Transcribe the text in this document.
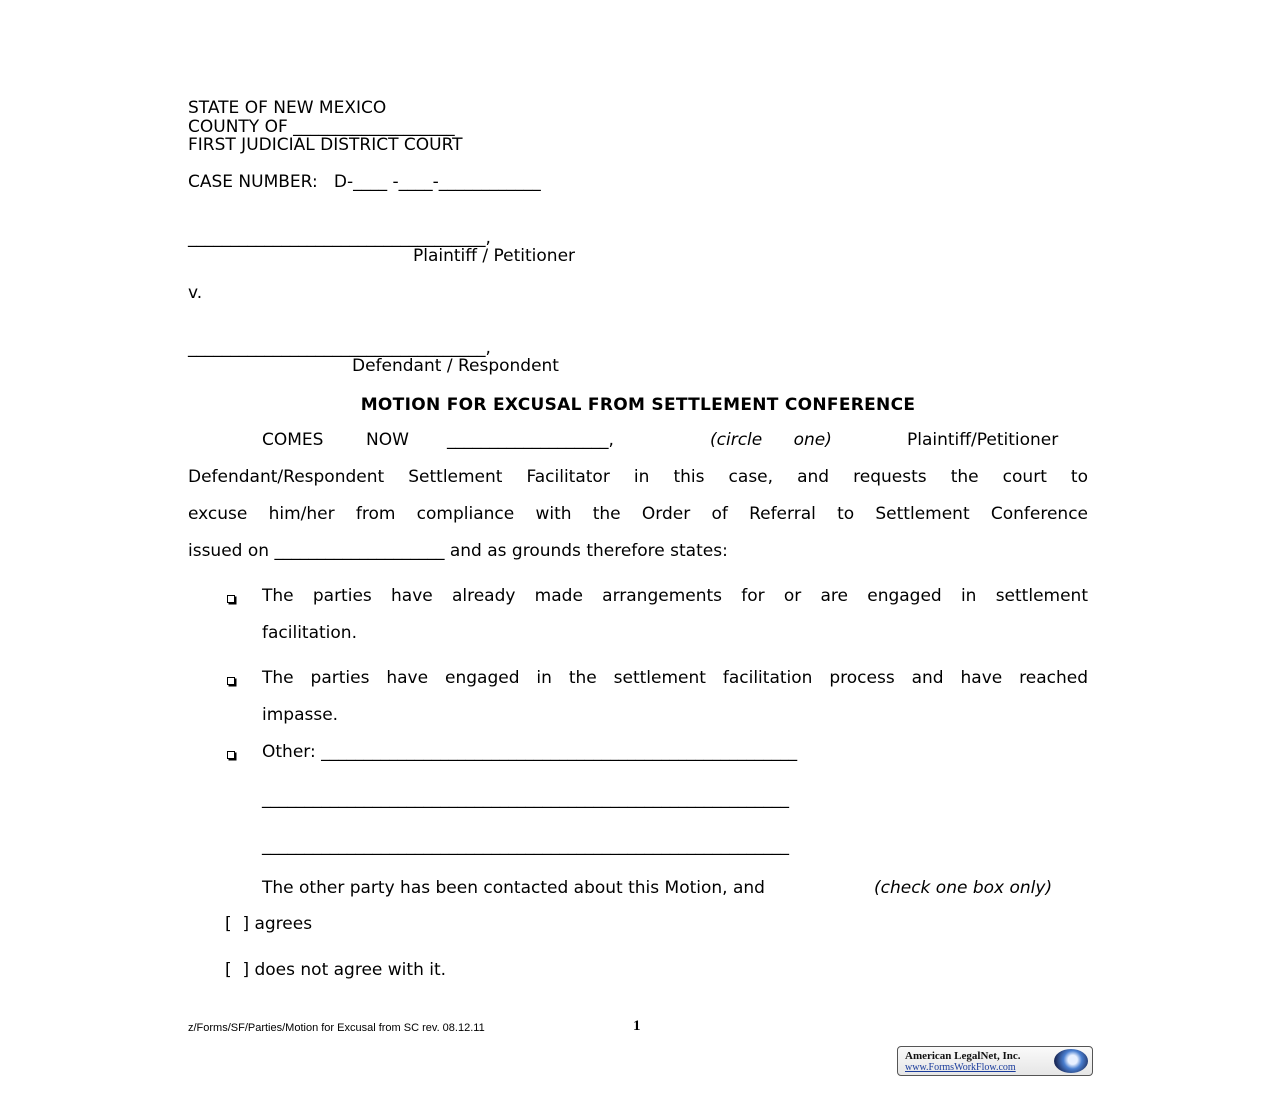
STATE OF NEW MEXICO
COUNTY OF ___________________
FIRST JUDICIAL DISTRICT COURT
CASE NUMBER:   D-____ -____-____________
___________________________________,
Plaintiff / Petitioner
v.
___________________________________,
Defendant / Respondent
MOTION FOR EXCUSAL FROM SETTLEMENT CONFERENCE
COMES	NOW ___________________,	(circle one)	Plaintiff/Petitioner
Defendant/Respondent Settlement Facilitator in this case, and requests the court to
excuse him/her from compliance with the Order of Referral to Settlement Conference
issued on ____________________ and as grounds therefore states:
The parties have already made arrangements for or are engaged in settlement
facilitation.
The parties have engaged in the settlement facilitation process and have reached
impasse.
Other: ________________________________________________________
______________________________________________________________
______________________________________________________________
The other party has been contacted about this Motion, and	(check one box only)
[  ] agrees
[  ] does not agree with it.
z/Forms/SF/Parties/Motion for Excusal from SC rev. 08.12.11	1
American LegalNet, Inc.
www.FormsWorkFlow.com
